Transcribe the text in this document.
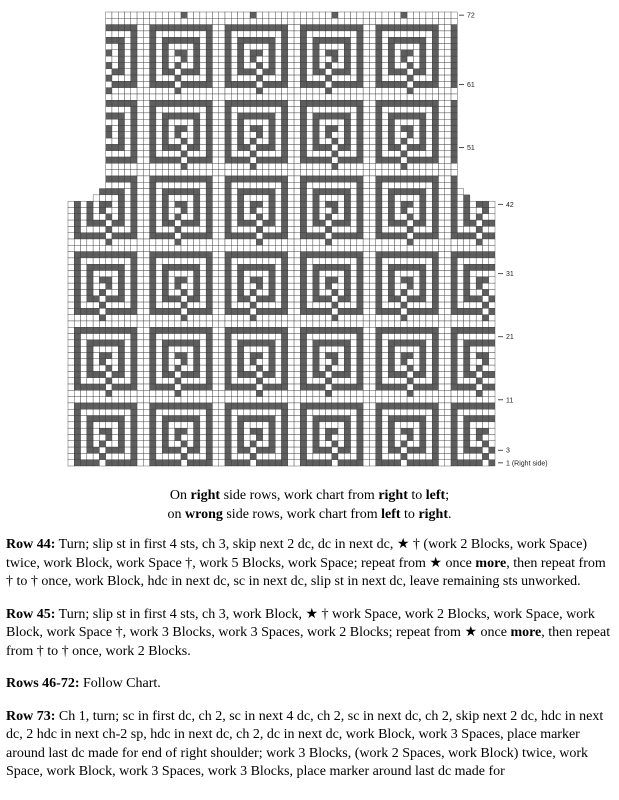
72
61
51
42
31
21
11
3
1 (Right side)
On right side rows, work chart from right to left;
on wrong side rows, work chart from left to right.

Row 44: Turn; slip st in first 4 sts, ch 3, skip next 2 dc, dc in next dc, ★ † (work 2 Blocks, work Space) twice, work Block, work Space †, work 5 Blocks, work Space; repeat from ★ once more, then repeat from † to † once, work Block, hdc in next dc, sc in next dc, slip st in next dc, leave remaining sts unworked.

Row 45: Turn; slip st in first 4 sts, ch 3, work Block, ★ † work Space, work 2 Blocks, work Space, work Block, work Space †, work 3 Blocks, work 3 Spaces, work 2 Blocks; repeat from ★ once more, then repeat from † to † once, work 2 Blocks.

Rows 46-72: Follow Chart.

Row 73: Ch 1, turn; sc in first dc, ch 2, sc in next 4 dc, ch 2, sc in next dc, ch 2, skip next 2 dc, hdc in next dc, 2 hdc in next ch-2 sp, hdc in next dc, ch 2, dc in next dc, work Block, work 3 Spaces, place marker around last dc made for end of right shoulder; work 3 Blocks, (work 2 Spaces, work Block) twice, work Space, work Block, work 3 Spaces, work 3 Blocks, place marker around last dc made for
